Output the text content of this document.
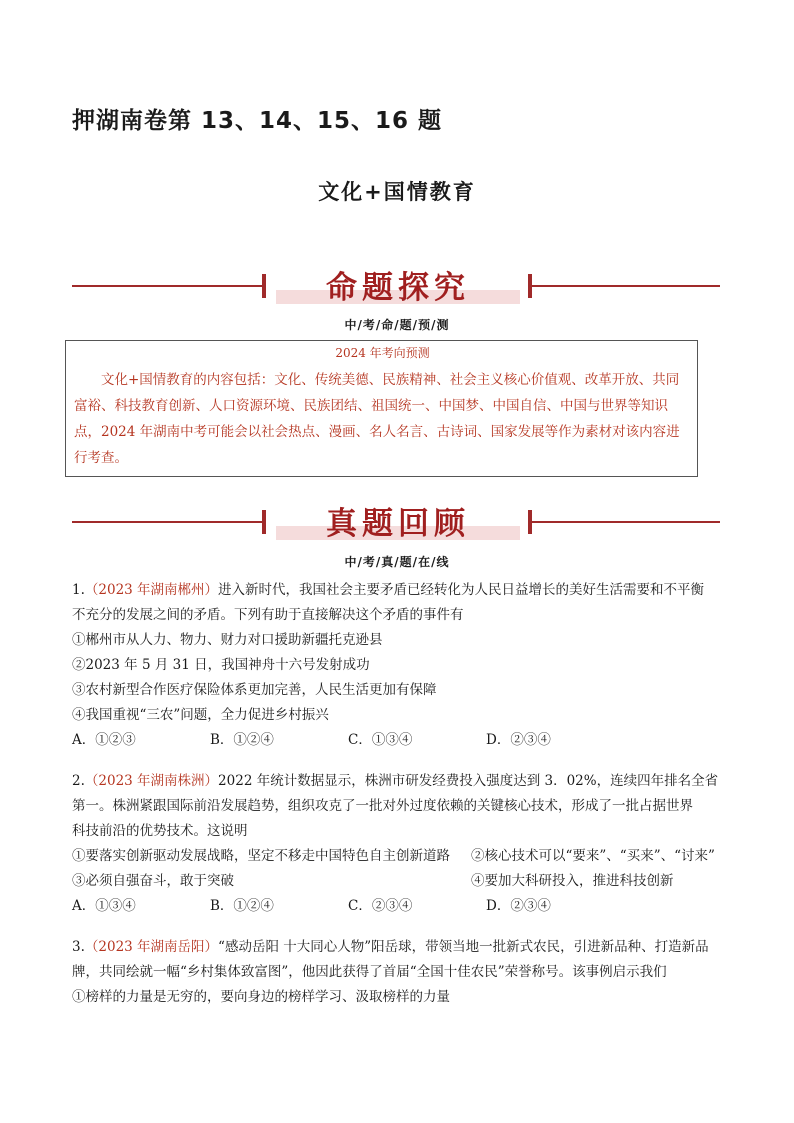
押湖南卷第 13、14、15、16 题
文化+国情教育
命题探究
中/考/命/题/预/测
2024 年考向预测
文化+国情教育的内容包括：文化、传统美德、民族精神、社会主义核心价值观、改革开放、共同
富裕、科技教育创新、人口资源环境、民族团结、祖国统一、中国梦、中国自信、中国与世界等知识
点，2024 年湖南中考可能会以社会热点、漫画、名人名言、古诗词、国家发展等作为素材对该内容进
行考查。
真题回顾
中/考/真/题/在/线
1.（2023 年湖南郴州）进入新时代，我国社会主要矛盾已经转化为人民日益增长的美好生活需要和不平衡
不充分的发展之间的矛盾。下列有助于直接解决这个矛盾的事件有
①郴州市从人力、物力、财力对口援助新疆托克逊县
②2023 年 5 月 31 日，我国神舟十六号发射成功
③农村新型合作医疗保险体系更加完善，人民生活更加有保障
④我国重视“三农”问题，全力促进乡村振兴
A．①②③	B．①②④	C．①③④	D．②③④
2.（2023 年湖南株洲）2022 年统计数据显示，株洲市研发经费投入强度达到 3．02%，连续四年排名全省
第一。株洲紧跟国际前沿发展趋势，组织攻克了一批对外过度依赖的关键核心技术，形成了一批占据世界
科技前沿的优势技术。这说明
①要落实创新驱动发展战略，坚定不移走中国特色自主创新道路 ②核心技术可以“要来”、“买来”、“讨来”
③必须自强奋斗，敢于突破	④要加大科研投入，推进科技创新
A．①③④	B．①②④	C．②③④	D．②③④
3.（2023 年湖南岳阳）“感动岳阳 十大同心人物”阳岳球，带领当地一批新式农民，引进新品种、打造新品
牌，共同绘就一幅“乡村集体致富图”，他因此获得了首届“全国十佳农民”荣誉称号。该事例启示我们
①榜样的力量是无穷的，要向身边的榜样学习、汲取榜样的力量
